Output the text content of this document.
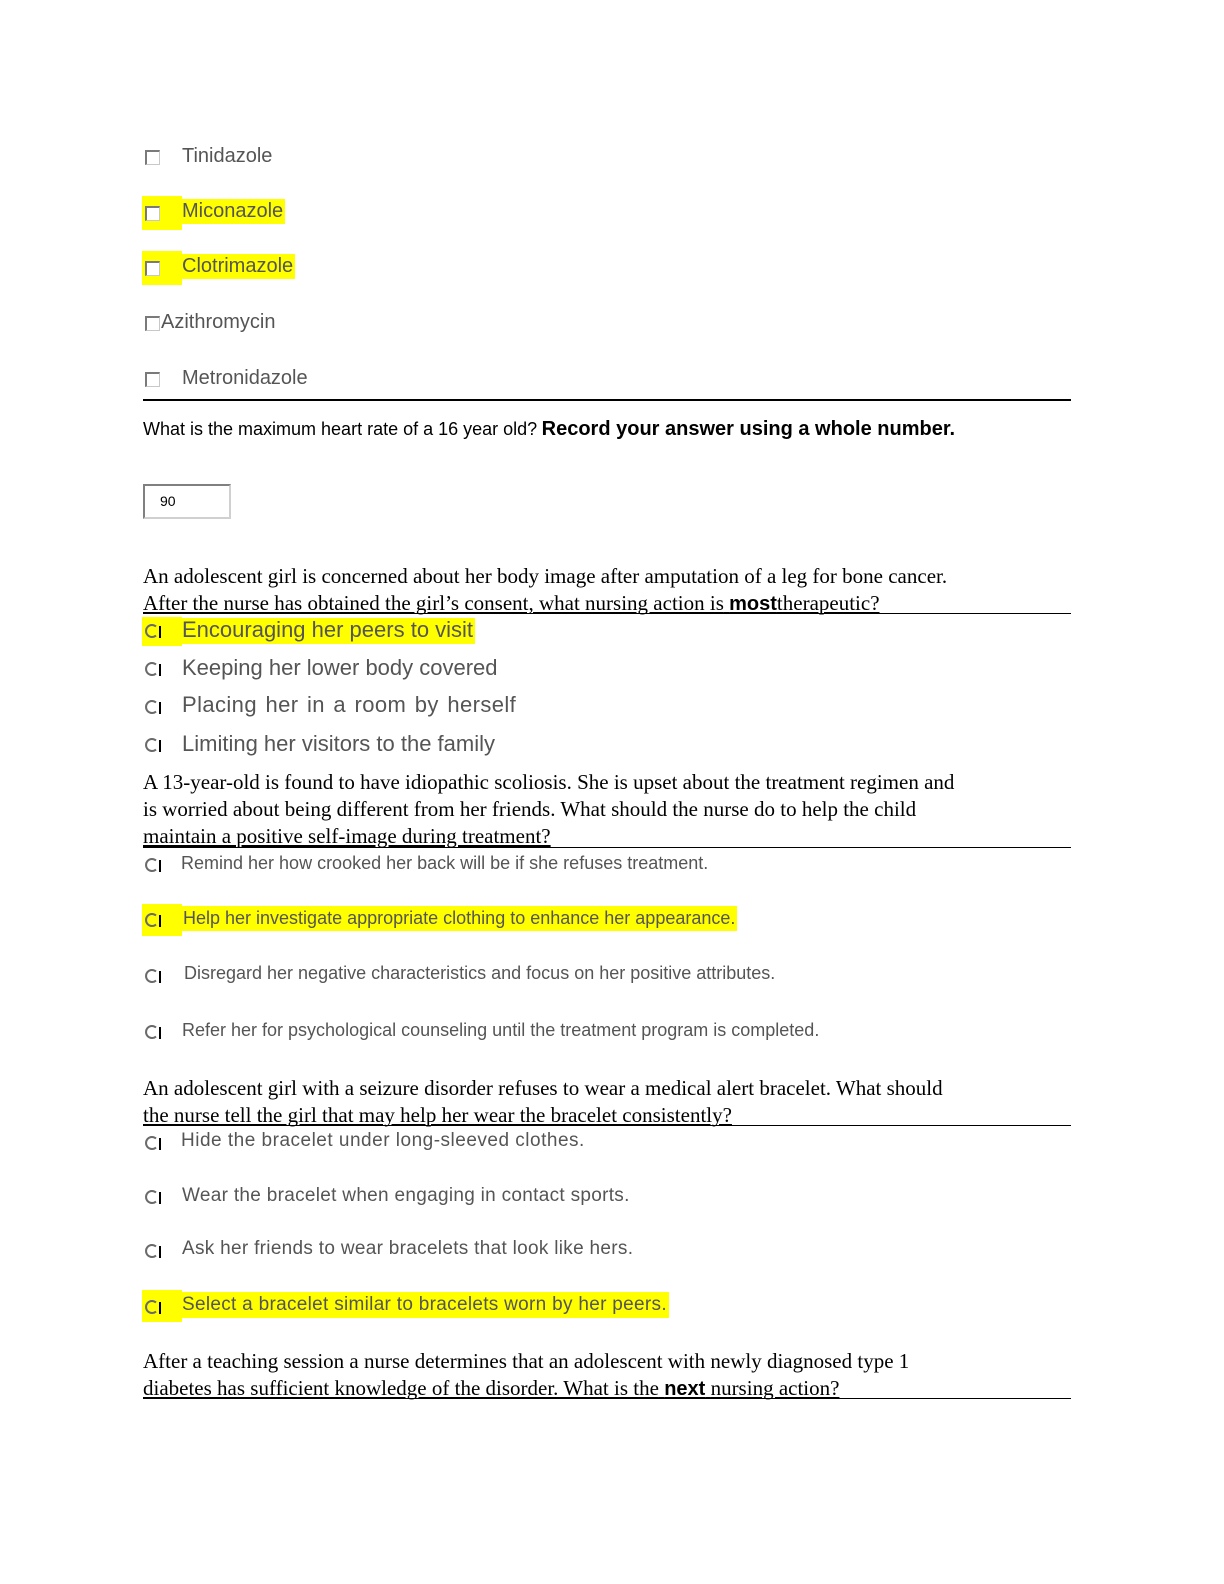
Tinidazole
Miconazole
Clotrimazole
Azithromycin
Metronidazole
What is the maximum heart rate of a 16 year old? Record your answer using a whole number.
90
An adolescent girl is concerned about her body image after amputation of a leg for bone cancer.
After the nurse has obtained the girl’s consent, what nursing action is mosttherapeutic?
Encouraging her peers to visit
Keeping her lower body covered
Placing her in a room by herself
Limiting her visitors to the family
A 13-year-old is found to have idiopathic scoliosis. She is upset about the treatment regimen and
is worried about being different from her friends. What should the nurse do to help the child
maintain a positive self-image during treatment?
Remind her how crooked her back will be if she refuses treatment.
Help her investigate appropriate clothing to enhance her appearance.
Disregard her negative characteristics and focus on her positive attributes.
Refer her for psychological counseling until the treatment program is completed.
An adolescent girl with a seizure disorder refuses to wear a medical alert bracelet. What should
the nurse tell the girl that may help her wear the bracelet consistently?
Hide the bracelet under long-sleeved clothes.
Wear the bracelet when engaging in contact sports.
Ask her friends to wear bracelets that look like hers.
Select a bracelet similar to bracelets worn by her peers.
After a teaching session a nurse determines that an adolescent with newly diagnosed type 1
diabetes has sufficient knowledge of the disorder. What is the next nursing action?
